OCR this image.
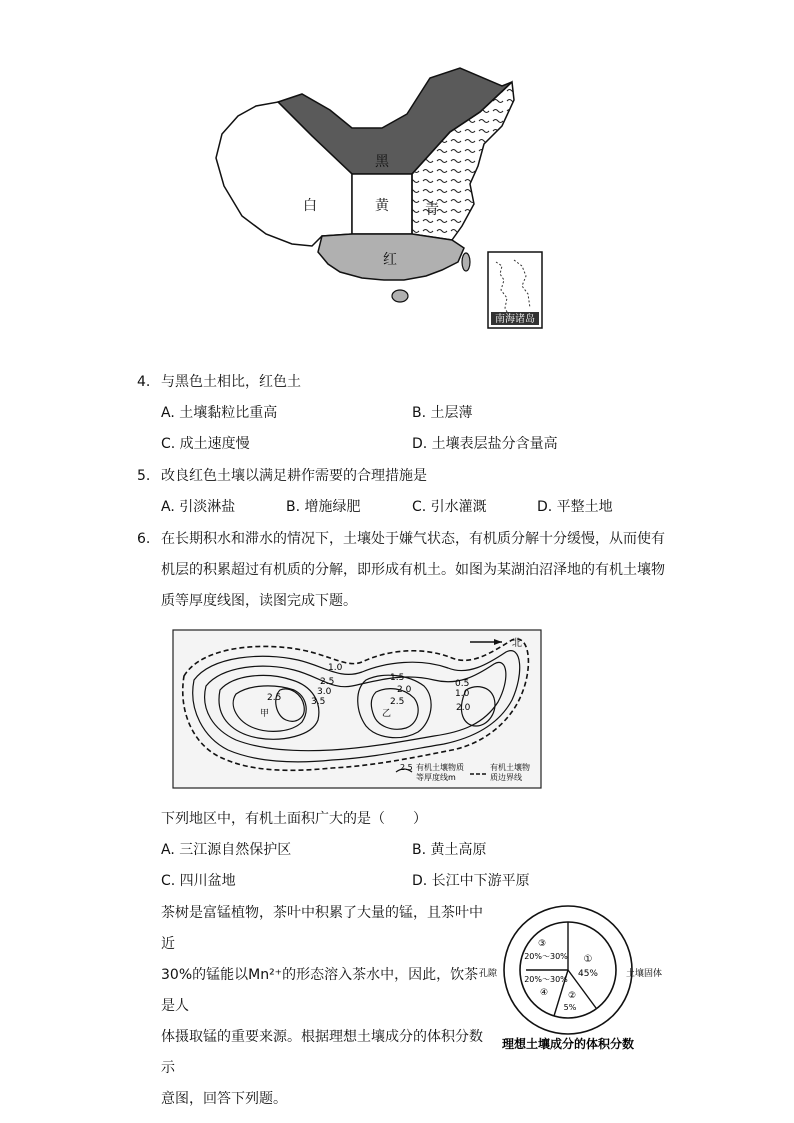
黑
白	黄	青
红
南海诸岛
4. 与黑色土相比，红色土
A. 土壤黏粒比重高	B. 土层薄
C. 成土速度慢	D. 土壤表层盐分含量高
5. 改良红色土壤以满足耕作需要的合理措施是
A. 引淡淋盐	B. 增施绿肥	C. 引水灌溉	D. 平整土地
6. 在长期积水和滞水的情况下，土壤处于嫌气状态，有机质分解十分缓慢，从而使有
机层的积累超过有机质的分解，即形成有机土。如图为某湖泊沼泽地的有机土壤物
质等厚度线图，读图完成下题。
北
1.0
2.5
3.0
3.5
2.5
甲
1.5
2.0
2.5
乙
0.5
1.0
2.0
2.5 有机土壤物质
等厚度线m
有机土壤物
质边界线
下列地区中，有机土面积广大的是（　　）
A. 三江源自然保护区	B. 黄土高原
C. 四川盆地	D. 长江中下游平原
茶树是富锰植物，茶叶中积累了大量的锰，且茶叶中近
30%的锰能以Mn²⁺的形态溶入茶水中，因此，饮茶是人
体摄取锰的重要来源。根据理想土壤成分的体积分数示
意图，回答下列题。
①
45%
②
5%
③
20%～30%
20%～30%
④
孔隙	土壤固体
理想土壤成分的体积分数
